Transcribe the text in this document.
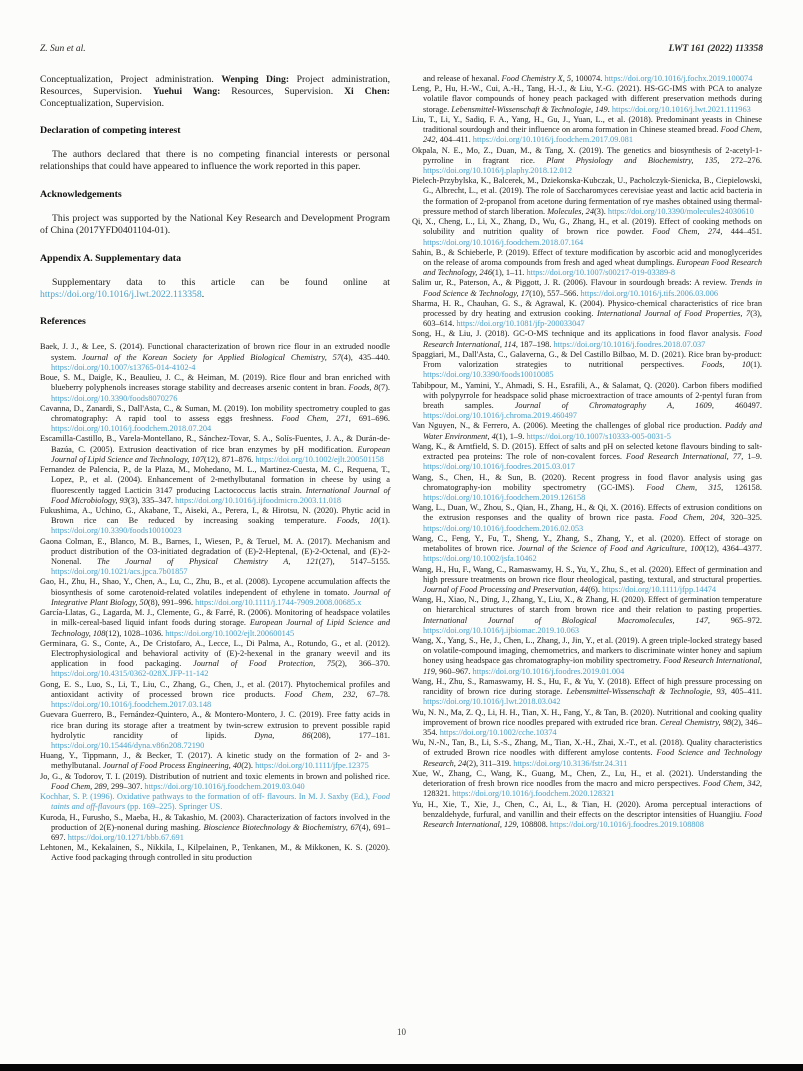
Z. Sun et al.	LWT 161 (2022) 113358

Conceptualization, Project administration. Wenping Ding: Project administration, Resources, Supervision. Yuehui Wang: Resources, Supervision. Xi Chen: Conceptualization, Supervision.

Declaration of competing interest

The authors declared that there is no competing financial interests or personal relationships that could have appeared to influence the work reported in this paper.

Acknowledgements

This project was supported by the National Key Research and Development Program of China (2017YFD0401104-01).

Appendix A. Supplementary data

Supplementary data to this article can be found online at https://doi.org/10.1016/j.lwt.2022.113358.

References

Baek, J. J., & Lee, S. (2014). Functional characterization of brown rice flour in an extruded noodle system. Journal of the Korean Society for Applied Biological Chemistry, 57(4), 435–440. https://doi.org/10.1007/s13765-014-4102-4

Boue, S. M., Daigle, K., Beaulieu, J. C., & Heiman, M. (2019). Rice flour and bran enriched with blueberry polyphenols increases storage stability and decreases arsenic content in bran. Foods, 8(7). https://doi.org/10.3390/foods8070276

Cavanna, D., Zanardi, S., Dall'Asta, C., & Suman, M. (2019). Ion mobility spectrometry coupled to gas chromatography: A rapid tool to assess eggs freshness. Food Chem, 271, 691–696. https://doi.org/10.1016/j.foodchem.2018.07.204

Escamilla-Castillo, B., Varela-Montellano, R., Sánchez-Tovar, S. A., Solís-Fuentes, J. A., & Durán-de-Bazúa, C. (2005). Extrusion deactivation of rice bran enzymes by pH modification. European Journal of Lipid Science and Technology, 107(12), 871–876. https://doi.org/10.1002/ejlt.200501158

Fernandez de Palencia, P., de la Plaza, M., Mohedano, M. L., Martinez-Cuesta, M. C., Requena, T., Lopez, P., et al. (2004). Enhancement of 2-methylbutanal formation in cheese by using a fluorescently tagged Lacticin 3147 producing Lactococcus lactis strain. International Journal of Food Microbiology, 93(3), 335–347. https://doi.org/10.1016/j.ijfoodmicro.2003.11.018

Fukushima, A., Uchino, G., Akabane, T., Aiseki, A., Perera, I., & Hirotsu, N. (2020). Phytic acid in Brown rice can Be reduced by increasing soaking temperature. Foods, 10(1). https://doi.org/10.3390/foods10010023

Gaona Colman, E., Blanco, M. B., Barnes, I., Wiesen, P., & Teruel, M. A. (2017). Mechanism and product distribution of the O3-initiated degradation of (E)-2-Heptenal, (E)-2-Octenal, and (E)-2-Nonenal. The Journal of Physical Chemistry A, 121(27), 5147–5155. https://doi.org/10.1021/acs.jpca.7b01857

Gao, H., Zhu, H., Shao, Y., Chen, A., Lu, C., Zhu, B., et al. (2008). Lycopene accumulation affects the biosynthesis of some carotenoid-related volatiles independent of ethylene in tomato. Journal of Integrative Plant Biology, 50(8), 991–996. https://doi.org/10.1111/j.1744-7909.2008.00685.x

García-Llatas, G., Lagarda, M. J., Clemente, G., & Farré, R. (2006). Monitoring of headspace volatiles in milk-cereal-based liquid infant foods during storage. European Journal of Lipid Science and Technology, 108(12), 1028–1036. https://doi.org/10.1002/ejlt.200600145

Germinara, G. S., Conte, A., De Cristofaro, A., Lecce, L., Di Palma, A., Rotundo, G., et al. (2012). Electrophysiological and behavioral activity of (E)-2-hexenal in the granary weevil and its application in food packaging. Journal of Food Protection, 75(2), 366–370. https://doi.org/10.4315/0362-028X.JFP-11-142

Gong, E. S., Luo, S., Li, T., Liu, C., Zhang, G., Chen, J., et al. (2017). Phytochemical profiles and antioxidant activity of processed brown rice products. Food Chem, 232, 67–78. https://doi.org/10.1016/j.foodchem.2017.03.148

Guevara Guerrero, B., Fernández-Quintero, A., & Montero-Montero, J. C. (2019). Free fatty acids in rice bran during its storage after a treatment by twin-screw extrusion to prevent possible rapid hydrolytic rancidity of lipids. Dyna, 86(208), 177–181. https://doi.org/10.15446/dyna.v86n208.72190

Huang, Y., Tippmann, J., & Becker, T. (2017). A kinetic study on the formation of 2- and 3-methylbutanal. Journal of Food Process Engineering, 40(2). https://doi.org/10.1111/jfpe.12375

Jo, G., & Todorov, T. I. (2019). Distribution of nutrient and toxic elements in brown and polished rice. Food Chem, 289, 299–307. https://doi.org/10.1016/j.foodchem.2019.03.040

Kochhar, S. P. (1996). Oxidative pathways to the formation of off- flavours. In M. J. Saxby (Ed.), Food taints and off-flavours (pp. 169–225). Springer US.

Kuroda, H., Furusho, S., Maeba, H., & Takashio, M. (2003). Characterization of factors involved in the production of 2(E)-nonenal during mashing. Bioscience Biotechnology & Biochemistry, 67(4), 691–697. https://doi.org/10.1271/bbb.67.691

Lehtonen, M., Kekalainen, S., Nikkila, I., Kilpelainen, P., Tenkanen, M., & Mikkonen, K. S. (2020). Active food packaging through controlled in situ production

and release of hexanal. Food Chemistry X, 5, 100074. https://doi.org/10.1016/j.fochx.2019.100074

Leng, P., Hu, H.-W., Cui, A.-H., Tang, H.-J., & Liu, Y.-G. (2021). HS-GC-IMS with PCA to analyze volatile flavor compounds of honey peach packaged with different preservation methods during storage. Lebensmittel-Wissenschaft & Technologie, 149. https://doi.org/10.1016/j.lwt.2021.111963

Liu, T., Li, Y., Sadiq, F. A., Yang, H., Gu, J., Yuan, L., et al. (2018). Predominant yeasts in Chinese traditional sourdough and their influence on aroma formation in Chinese steamed bread. Food Chem, 242, 404–411. https://doi.org/10.1016/j.foodchem.2017.09.081

Okpala, N. E., Mo, Z., Duan, M., & Tang, X. (2019). The genetics and biosynthesis of 2-acetyl-1-pyrroline in fragrant rice. Plant Physiology and Biochemistry, 135, 272–276. https://doi.org/10.1016/j.plaphy.2018.12.012

Pielech-Przybylska, K., Balcerek, M., Dziekonska-Kubczak, U., Pacholczyk-Sienicka, B., Ciepielowski, G., Albrecht, L., et al. (2019). The role of Saccharomyces cerevisiae yeast and lactic acid bacteria in the formation of 2-propanol from acetone during fermentation of rye mashes obtained using thermal-pressure method of starch liberation. Molecules, 24(3). https://doi.org/10.3390/molecules24030610

Qi, X., Cheng, L., Li, X., Zhang, D., Wu, G., Zhang, H., et al. (2019). Effect of cooking methods on solubility and nutrition quality of brown rice powder. Food Chem, 274, 444–451. https://doi.org/10.1016/j.foodchem.2018.07.164

Sahin, B., & Schieberle, P. (2019). Effect of texture modification by ascorbic acid and monoglycerides on the release of aroma compounds from fresh and aged wheat dumplings. European Food Research and Technology, 246(1), 1–11. https://doi.org/10.1007/s00217-019-03389-8

Salim ur, R., Paterson, A., & Piggott, J. R. (2006). Flavour in sourdough breads: A review. Trends in Food Science & Technology, 17(10), 557–566. https://doi.org/10.1016/j.tifs.2006.03.006

Sharma, H. R., Chauhan, G. S., & Agrawal, K. (2004). Physico-chemical characteristics of rice bran processed by dry heating and extrusion cooking. International Journal of Food Properties, 7(3), 603–614. https://doi.org/10.1081/jfp-200033047

Song, H., & Liu, J. (2018). GC-O-MS technique and its applications in food flavor analysis. Food Research International, 114, 187–198. https://doi.org/10.1016/j.foodres.2018.07.037

Spaggiari, M., Dall'Asta, C., Galaverna, G., & Del Castillo Bilbao, M. D. (2021). Rice bran by-product: From valorization strategies to nutritional perspectives. Foods, 10(1). https://doi.org/10.3390/foods10010085

Tabibpour, M., Yamini, Y., Ahmadi, S. H., Esrafili, A., & Salamat, Q. (2020). Carbon fibers modified with polypyrrole for headspace solid phase microextraction of trace amounts of 2-pentyl furan from breath samples. Journal of Chromatography A, 1609, 460497. https://doi.org/10.1016/j.chroma.2019.460497

Van Nguyen, N., & Ferrero, A. (2006). Meeting the challenges of global rice production. Paddy and Water Environment, 4(1), 1–9. https://doi.org/10.1007/s10333-005-0031-5

Wang, K., & Arntfield, S. D. (2015). Effect of salts and pH on selected ketone flavours binding to salt-extracted pea proteins: The role of non-covalent forces. Food Research International, 77, 1–9. https://doi.org/10.1016/j.foodres.2015.03.017

Wang, S., Chen, H., & Sun, B. (2020). Recent progress in food flavor analysis using gas chromatography-ion mobility spectrometry (GC-IMS). Food Chem, 315, 126158. https://doi.org/10.1016/j.foodchem.2019.126158

Wang, L., Duan, W., Zhou, S., Qian, H., Zhang, H., & Qi, X. (2016). Effects of extrusion conditions on the extrusion responses and the quality of brown rice pasta. Food Chem, 204, 320–325. https://doi.org/10.1016/j.foodchem.2016.02.053

Wang, C., Feng, Y., Fu, T., Sheng, Y., Zhang, S., Zhang, Y., et al. (2020). Effect of storage on metabolites of brown rice. Journal of the Science of Food and Agriculture, 100(12), 4364–4377. https://doi.org/10.1002/jsfa.10462

Wang, H., Hu, F., Wang, C., Ramaswamy, H. S., Yu, Y., Zhu, S., et al. (2020). Effect of germination and high pressure treatments on brown rice flour rheological, pasting, textural, and structural properties. Journal of Food Processing and Preservation, 44(6). https://doi.org/10.1111/jfpp.14474

Wang, H., Xiao, N., Ding, J., Zhang, Y., Liu, X., & Zhang, H. (2020). Effect of germination temperature on hierarchical structures of starch from brown rice and their relation to pasting properties. International Journal of Biological Macromolecules, 147, 965–972. https://doi.org/10.1016/j.ijbiomac.2019.10.063

Wang, X., Yang, S., He, J., Chen, L., Zhang, J., Jin, Y., et al. (2019). A green triple-locked strategy based on volatile-compound imaging, chemometrics, and markers to discriminate winter honey and sapium honey using headspace gas chromatography-ion mobility spectrometry. Food Research International, 119, 960–967. https://doi.org/10.1016/j.foodres.2019.01.004

Wang, H., Zhu, S., Ramaswamy, H. S., Hu, F., & Yu, Y. (2018). Effect of high pressure processing on rancidity of brown rice during storage. Lebensmittel-Wissenschaft & Technologie, 93, 405–411. https://doi.org/10.1016/j.lwt.2018.03.042

Wu, N. N., Ma, Z. Q., Li, H. H., Tian, X. H., Fang, Y., & Tan, B. (2020). Nutritional and cooking quality improvement of brown rice noodles prepared with extruded rice bran. Cereal Chemistry, 98(2), 346–354. https://doi.org/10.1002/cche.10374

Wu, N.-N., Tan, B., Li, S.-S., Zhang, M., Tian, X.-H., Zhai, X.-T., et al. (2018). Quality characteristics of extruded Brown rice noodles with different amylose contents. Food Science and Technology Research, 24(2), 311–319. https://doi.org/10.3136/fstr.24.311

Xue, W., Zhang, C., Wang, K., Guang, M., Chen, Z., Lu, H., et al. (2021). Understanding the deterioration of fresh brown rice noodles from the macro and micro perspectives. Food Chem, 342, 128321. https://doi.org/10.1016/j.foodchem.2020.128321

Yu, H., Xie, T., Xie, J., Chen, C., Ai, L., & Tian, H. (2020). Aroma perceptual interactions of benzaldehyde, furfural, and vanillin and their effects on the descriptor intensities of Huangjiu. Food Research International, 129, 108808. https://doi.org/10.1016/j.foodres.2019.108808

10
